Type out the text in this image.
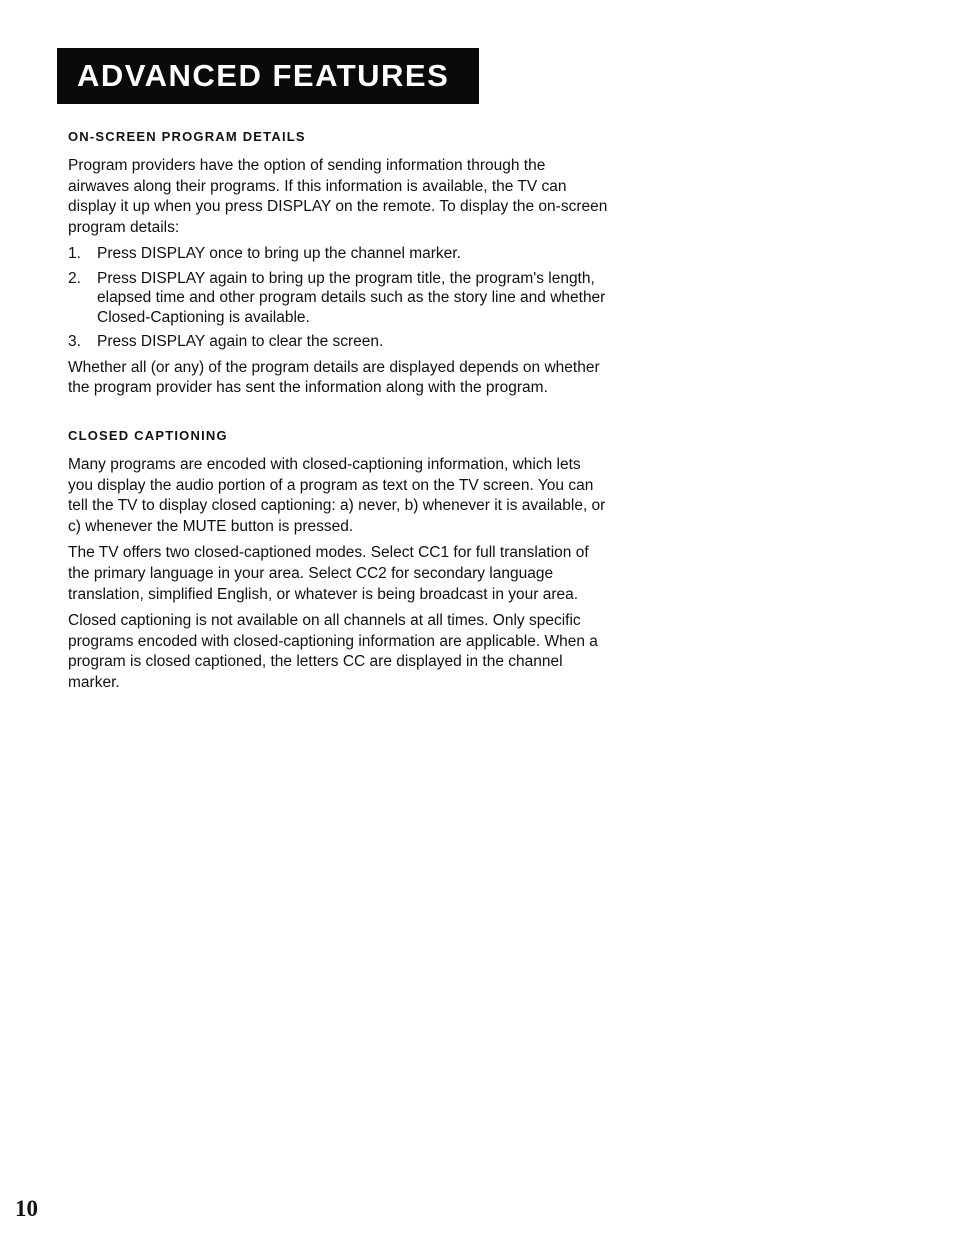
ADVANCED FEATURES
ON-SCREEN PROGRAM DETAILS

Program providers have the option of sending information through the airwaves along their programs. If this information is available, the TV can display it up when you press DISPLAY on the remote. To display the on-screen program details:

1.	Press DISPLAY once to bring up the channel marker.
2.	Press DISPLAY again to bring up the program title, the program's length, elapsed time and other program details such as the story line and whether Closed-Captioning is available.
3.	Press DISPLAY again to clear the screen.

Whether all (or any) of the program details are displayed depends on whether the program provider has sent the information along with the program.

CLOSED CAPTIONING

Many programs are encoded with closed-captioning information, which lets you display the audio portion of a program as text on the TV screen. You can tell the TV to display closed captioning: a) never, b) whenever it is available, or c) whenever the MUTE button is pressed.

The TV offers two closed-captioned modes. Select CC1 for full translation of the primary language in your area. Select CC2 for secondary language translation, simplified English, or whatever is being broadcast in your area.

Closed captioning is not available on all channels at all times. Only specific programs encoded with closed-captioning information are applicable. When a program is closed captioned, the letters CC are displayed in the channel marker.

10
